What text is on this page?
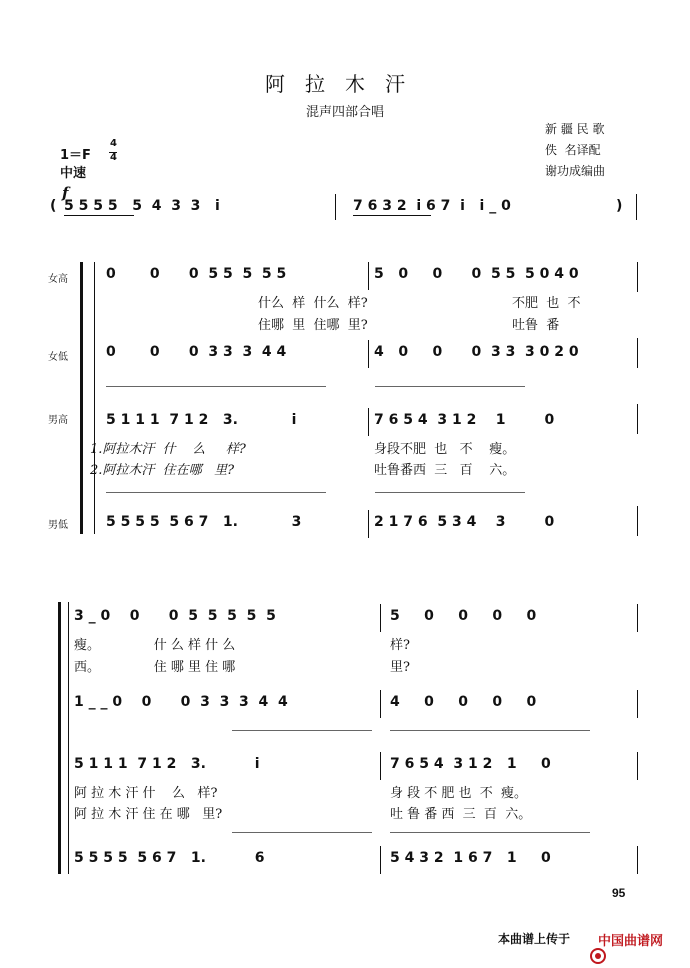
阿拉木汗
混声四部合唱
新 疆 民 歌
佚  名译配
谢功成编曲
1＝F
4
4
中速
f
( 5 5 5 5   5  4  3  3   i	7 6 3 2  i 6 7  i   i _ 0	)
女高
女低
男高
男低
0       0      0  5 5  5  5 5	5   0     0      0  5 5  5 0 4 0
什么  样  什么  样?	不肥  也  不
住哪  里  住哪  里?	吐鲁  番
0       0      0  3 3  3  4 4	4   0     0      0  3 3  3 0 2 0
5 1 1 1  7 1 2   3.           i	7 6 5 4  3 1 2    1        0
1.阿拉木汗  什    么     样?	身段不肥  也   不    瘦。
2.阿拉木汗  住在哪   里?	吐鲁番西  三   百    六。
5 5 5 5  5 6 7   1.           3	2 1 7 6  5 3 4    3        0
3 _ 0    0      0  5  5  5  5  5	5     0     0     0     0
瘦。             什 么 样 什 么	样?
西。             住 哪 里 住 哪	里?
1 _ _ 0    0      0  3  3  3  4  4	4     0     0     0     0
5 1 1 1  7 1 2   3.          i	7 6 5 4  3 1 2   1     0
阿 拉 木 汗 什    么   样?	身 段 不 肥 也  不  瘦。
阿 拉 木 汗 住 在 哪   里?	吐 鲁 番 西  三  百  六。
5 5 5 5  5 6 7   1.          6	5 4 3 2  1 6 7   1     0
95
本曲谱上传于

中国曲谱网
